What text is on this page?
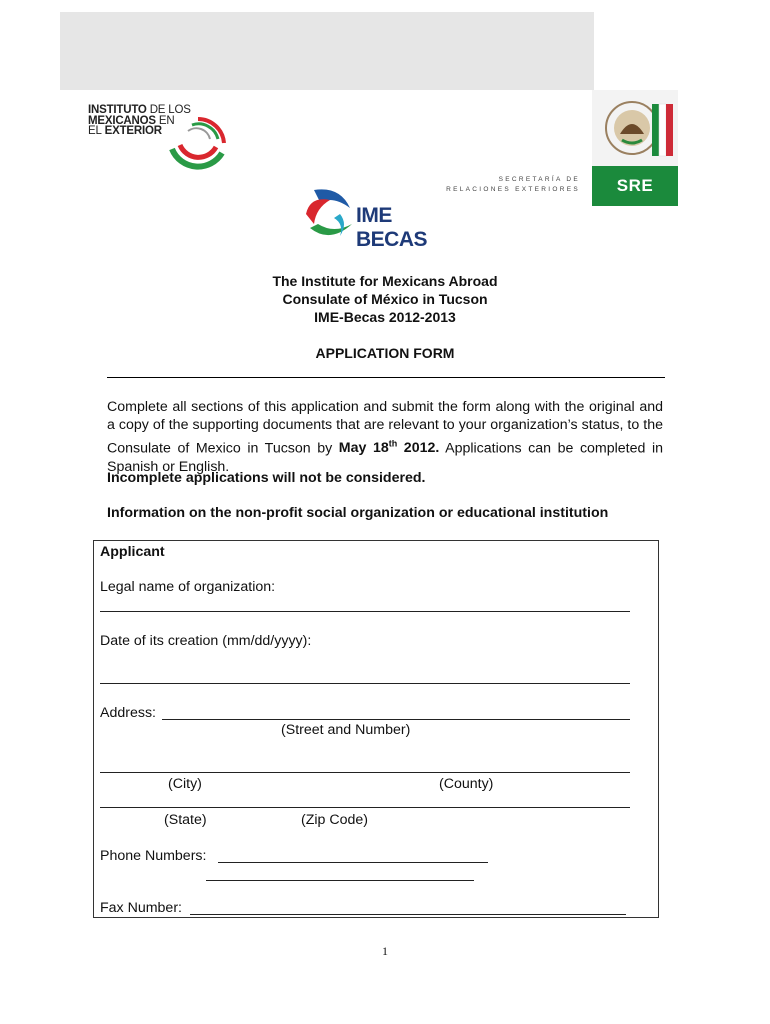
INSTITUTO DE LOS
MEXICANOS EN
EL EXTERIOR
SRE
SECRETARÍA DE
RELACIONES EXTERIORES
IME BECAS
The Institute for Mexicans Abroad
Consulate of México in Tucson
IME-Becas 2012-2013
APPLICATION FORM
Complete all sections of this application and submit the form along with the original and a copy of the supporting documents that are relevant to your organization’s status, to the Consulate of Mexico in Tucson by May 18th 2012. Applications can be completed in Spanish or English.
Incomplete applications will not be considered.
Information on the non-profit social organization or educational institution
Applicant
Legal name of organization:
Date of its creation (mm/dd/yyyy):
Address:
(Street and Number)
(City)	(County)
(State)	(Zip Code)
Phone Numbers:
Fax Number:
1
